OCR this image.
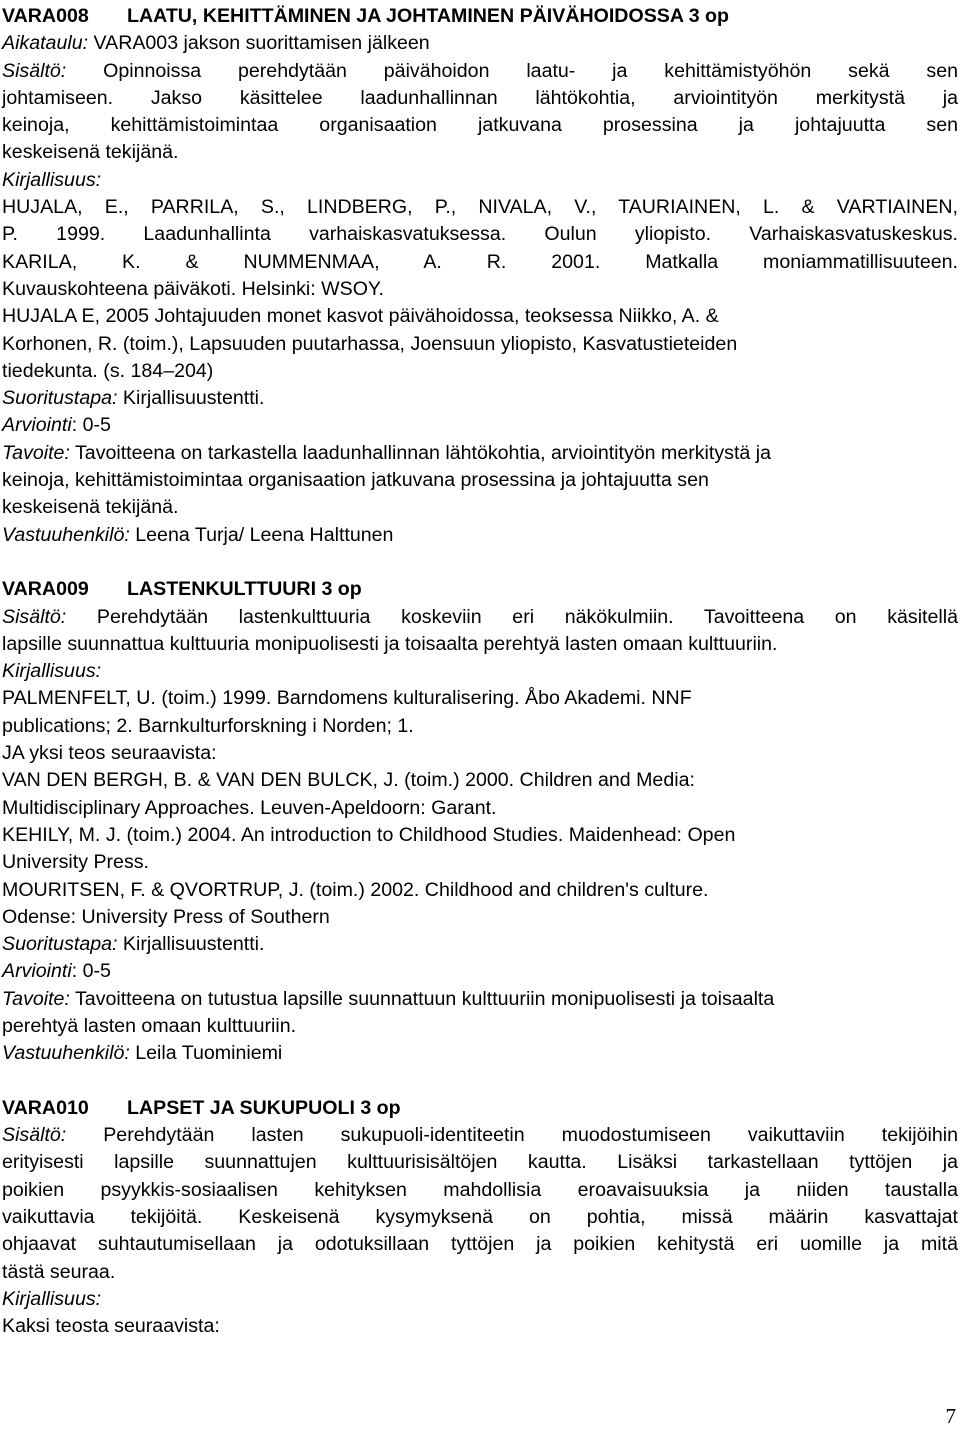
VARA008 LAATU, KEHITTÄMINEN JA JOHTAMINEN PÄIVÄHOIDOSSA 3 op
Aikataulu: VARA003 jakson suorittamisen jälkeen
Sisältö: Opinnoissa perehdytään päivähoidon laatu- ja kehittämistyöhön sekä sen
johtamiseen. Jakso käsittelee laadunhallinnan lähtökohtia, arviointityön merkitystä ja
keinoja, kehittämistoimintaa organisaation jatkuvana prosessina ja johtajuutta sen
keskeisenä tekijänä.
Kirjallisuus:
HUJALA, E., PARRILA, S., LINDBERG, P., NIVALA, V., TAURIAINEN, L. & VARTIAINEN,
P. 1999. Laadunhallinta varhaiskasvatuksessa. Oulun yliopisto. Varhaiskasvatuskeskus.
KARILA, K. & NUMMENMAA, A. R. 2001. Matkalla moniammatillisuuteen.
Kuvauskohteena päiväkoti. Helsinki: WSOY.
HUJALA E, 2005 Johtajuuden monet kasvot päivähoidossa, teoksessa Niikko, A. &
Korhonen, R. (toim.), Lapsuuden puutarhassa, Joensuun yliopisto, Kasvatustieteiden
tiedekunta. (s. 184–204)
Suoritustapa: Kirjallisuustentti.
Arviointi: 0-5
Tavoite: Tavoitteena on tarkastella laadunhallinnan lähtökohtia, arviointityön merkitystä ja
keinoja, kehittämistoimintaa organisaation jatkuvana prosessina ja johtajuutta sen
keskeisenä tekijänä.
Vastuuhenkilö: Leena Turja/ Leena Halttunen
VARA009 LASTENKULTTUURI 3 op
Sisältö: Perehdytään lastenkulttuuria koskeviin eri näkökulmiin. Tavoitteena on käsitellä
lapsille suunnattua kulttuuria monipuolisesti ja toisaalta perehtyä lasten omaan kulttuuriin.
Kirjallisuus:
PALMENFELT, U. (toim.) 1999. Barndomens kulturalisering. Åbo Akademi. NNF
publications; 2. Barnkulturforskning i Norden; 1.
JA yksi teos seuraavista:
VAN DEN BERGH, B. & VAN DEN BULCK, J. (toim.) 2000. Children and Media:
Multidisciplinary Approaches. Leuven-Apeldoorn: Garant.
KEHILY, M. J. (toim.) 2004. An introduction to Childhood Studies. Maidenhead: Open
University Press.
MOURITSEN, F. & QVORTRUP, J. (toim.) 2002. Childhood and children's culture.
Odense: University Press of Southern
Suoritustapa: Kirjallisuustentti.
Arviointi: 0-5
Tavoite: Tavoitteena on tutustua lapsille suunnattuun kulttuuriin monipuolisesti ja toisaalta
perehtyä lasten omaan kulttuuriin.
Vastuuhenkilö: Leila Tuominiemi
VARA010 LAPSET JA SUKUPUOLI 3 op
Sisältö: Perehdytään lasten sukupuoli-identiteetin muodostumiseen vaikuttaviin tekijöihin
erityisesti lapsille suunnattujen kulttuurisisältöjen kautta. Lisäksi tarkastellaan tyttöjen ja
poikien psyykkis-sosiaalisen kehityksen mahdollisia eroavaisuuksia ja niiden taustalla
vaikuttavia tekijöitä. Keskeisenä kysymyksenä on pohtia, missä määrin kasvattajat
ohjaavat suhtautumisellaan ja odotuksillaan tyttöjen ja poikien kehitystä eri uomille ja mitä
tästä seuraa.
Kirjallisuus:
Kaksi teosta seuraavista:
7
